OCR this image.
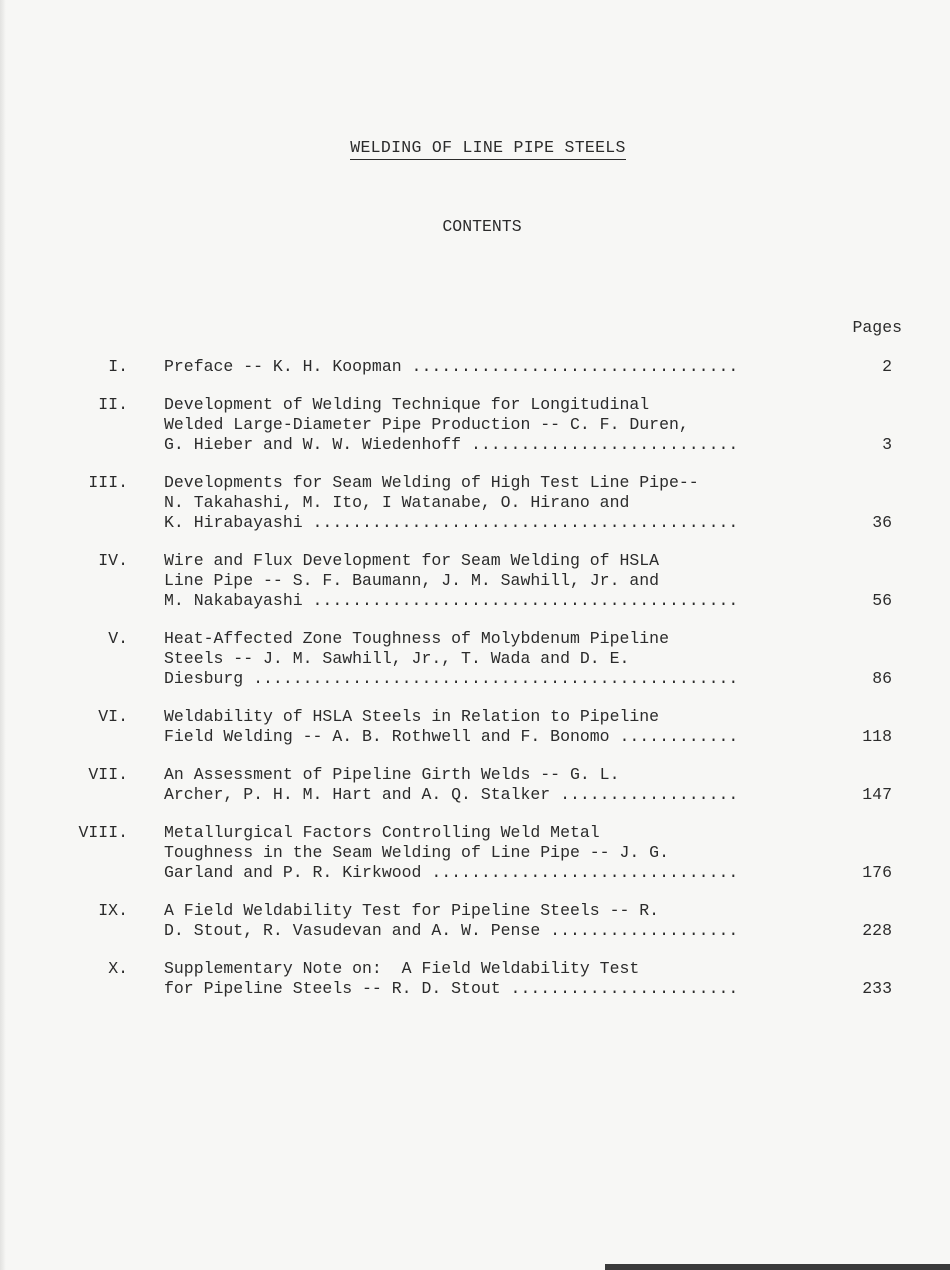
WELDING OF LINE PIPE STEELS
CONTENTS
Pages
I. Preface -- K. H. Koopman .................................	2
II. Development of Welding Technique for Longitudinal
Welded Large-Diameter Pipe Production -- C. F. Duren,
G. Hieber and W. W. Wiedenhoff ...........................	3
III. Developments for Seam Welding of High Test Line Pipe--
N. Takahashi, M. Ito, I Watanabe, O. Hirano and
K. Hirabayashi ...........................................	36
IV. Wire and Flux Development for Seam Welding of HSLA
Line Pipe -- S. F. Baumann, J. M. Sawhill, Jr. and
M. Nakabayashi ...........................................	56
V. Heat-Affected Zone Toughness of Molybdenum Pipeline
Steels -- J. M. Sawhill, Jr., T. Wada and D. E.
Diesburg .................................................	86
VI. Weldability of HSLA Steels in Relation to Pipeline
Field Welding -- A. B. Rothwell and F. Bonomo ............	118
VII. An Assessment of Pipeline Girth Welds -- G. L.
Archer, P. H. M. Hart and A. Q. Stalker ..................	147
VIII. Metallurgical Factors Controlling Weld Metal
Toughness in the Seam Welding of Line Pipe -- J. G.
Garland and P. R. Kirkwood ...............................	176
IX. A Field Weldability Test for Pipeline Steels -- R.
D. Stout, R. Vasudevan and A. W. Pense ...................	228
X. Supplementary Note on:  A Field Weldability Test
for Pipeline Steels -- R. D. Stout .......................	233
